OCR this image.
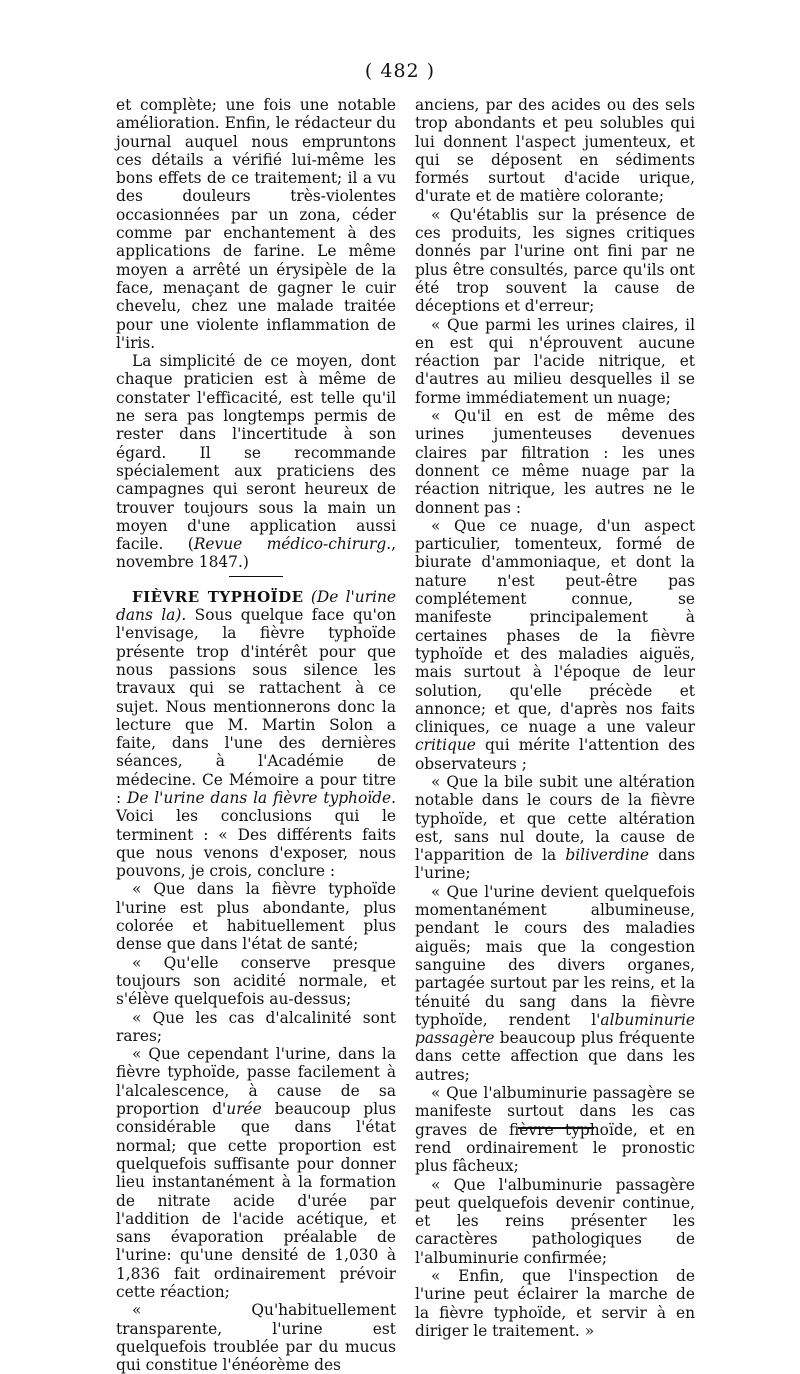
( 482 )

et complète; une fois une notable amélioration. Enfin, le rédacteur du journal auquel nous empruntons ces détails a vérifié lui-même les bons effets de ce traitement; il a vu des douleurs très-violentes occasionnées par un zona, céder comme par enchantement à des applications de farine. Le même moyen a arrêté un érysipèle de la face, menaçant de gagner le cuir chevelu, chez une malade traitée pour une violente inflammation de l'iris.

La simplicité de ce moyen, dont chaque praticien est à même de constater l'efficacité, est telle qu'il ne sera pas longtemps permis de rester dans l'incertitude à son égard. Il se recommande spécialement aux praticiens des campagnes qui seront heureux de trouver toujours sous la main un moyen d'une application aussi facile. (Revue médico-chirurg., novembre 1847.)

FIÈVRE TYPHOÏDE (De l'urine dans la). Sous quelque face qu'on l'envisage, la fièvre typhoïde présente trop d'intérêt pour que nous passions sous silence les travaux qui se rattachent à ce sujet. Nous mentionnerons donc la lecture que M. Martin Solon a faite, dans l'une des dernières séances, à l'Académie de médecine. Ce Mémoire a pour titre : De l'urine dans la fièvre typhoïde. Voici les conclusions qui le terminent : « Des différents faits que nous venons d'exposer, nous pouvons, je crois, conclure :

« Que dans la fièvre typhoïde l'urine est plus abondante, plus colorée et habituellement plus dense que dans l'état de santé;

« Qu'elle conserve presque toujours son acidité normale, et s'élève quelquefois au-dessus;

« Que les cas d'alcalinité sont rares;

« Que cependant l'urine, dans la fièvre typhoïde, passe facilement à l'alcalescence, à cause de sa proportion d'urée beaucoup plus considérable que dans l'état normal; que cette proportion est quelquefois suffisante pour donner lieu instantanément à la formation de nitrate acide d'urée par l'addition de l'acide acétique, et sans évaporation préalable de l'urine: qu'une densité de 1,030 à 1,836 fait ordinairement prévoir cette réaction;

« Qu'habituellement transparente, l'urine est quelquefois troublée par du mucus qui constitue l'énéorème des

anciens, par des acides ou des sels trop abondants et peu solubles qui lui donnent l'aspect jumenteux, et qui se déposent en sédiments formés surtout d'acide urique, d'urate et de matière colorante;

« Qu'établis sur la présence de ces produits, les signes critiques donnés par l'urine ont fini par ne plus être consultés, parce qu'ils ont été trop souvent la cause de déceptions et d'erreur;

« Que parmi les urines claires, il en est qui n'éprouvent aucune réaction par l'acide nitrique, et d'autres au milieu desquelles il se forme immédiatement un nuage;

« Qu'il en est de même des urines jumenteuses devenues claires par filtration : les unes donnent ce même nuage par la réaction nitrique, les autres ne le donnent pas :

« Que ce nuage, d'un aspect particulier, tomenteux, formé de biurate d'ammoniaque, et dont la nature n'est peut-être pas complétement connue, se manifeste principalement à certaines phases de la fièvre typhoïde et des maladies aiguës, mais surtout à l'époque de leur solution, qu'elle précède et annonce; et que, d'après nos faits cliniques, ce nuage a une valeur critique qui mérite l'attention des observateurs ;

« Que la bile subit une altération notable dans le cours de la fièvre typhoïde, et que cette altération est, sans nul doute, la cause de l'apparition de la biliverdine dans l'urine;

« Que l'urine devient quelquefois momentanément albumineuse, pendant le cours des maladies aiguës; mais que la congestion sanguine des divers organes, partagée surtout par les reins, et la ténuité du sang dans la fièvre typhoïde, rendent l'albuminurie passagère beaucoup plus fréquente dans cette affection que dans les autres;

« Que l'albuminurie passagère se manifeste surtout dans les cas graves de fièvre typhoïde, et en rend ordinairement le pronostic plus fâcheux;

« Que l'albuminurie passagère peut quelquefois devenir continue, et les reins présenter les caractères pathologiques de l'albuminurie confirmée;

« Enfin, que l'inspection de l'urine peut éclairer la marche de la fièvre typhoïde, et servir à en diriger le traitement. »
